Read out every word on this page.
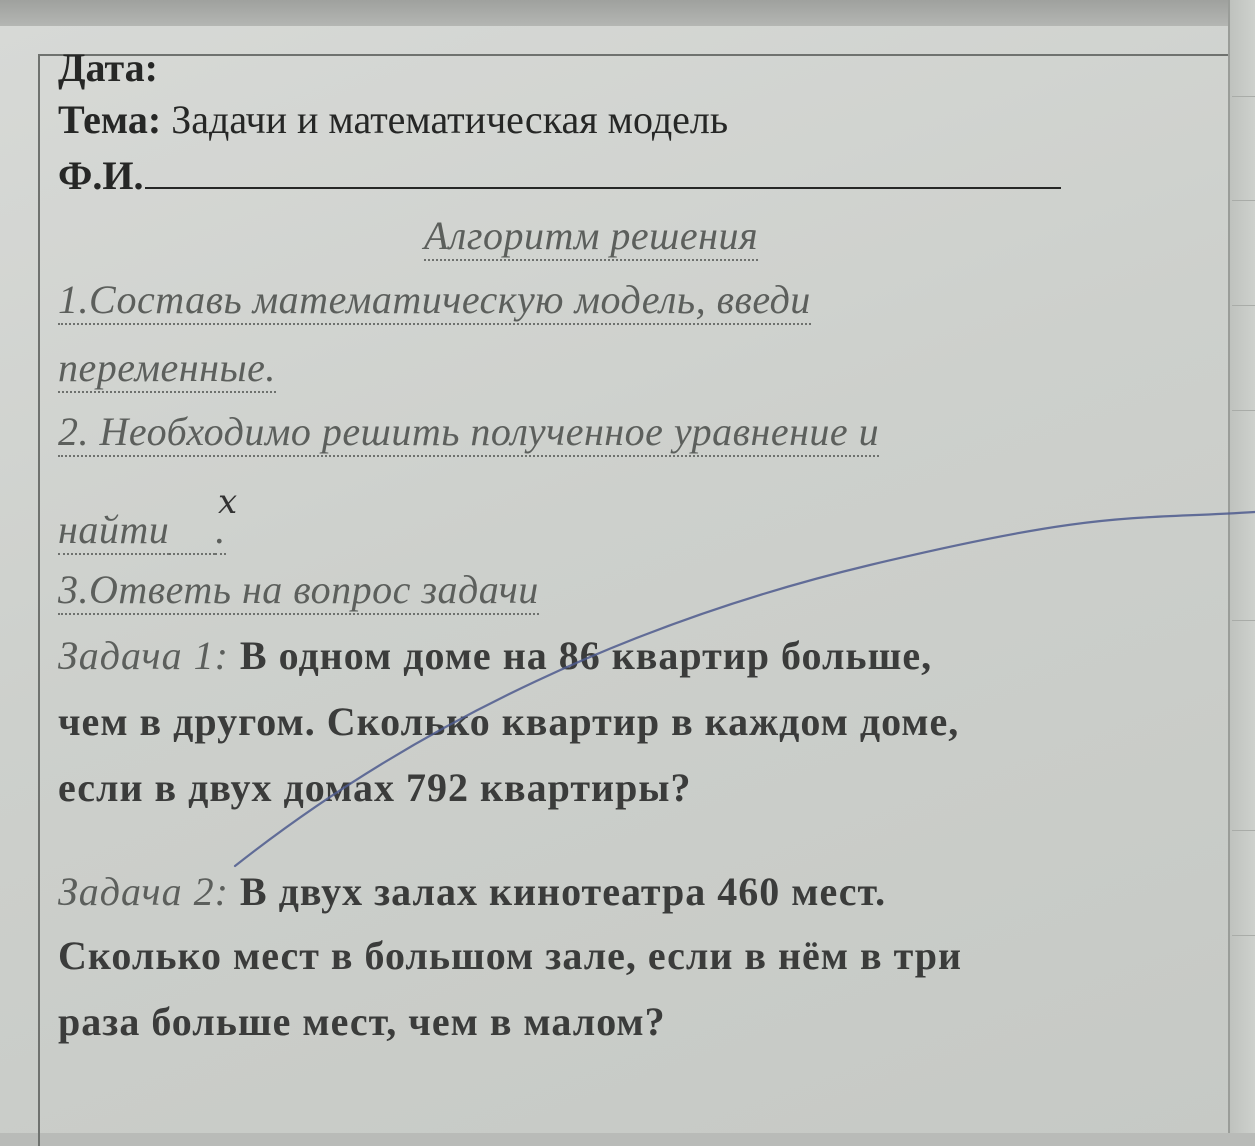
Дата:
Тема: Задачи и математическая модель
Ф.И.
Алгоритм решения
1.Составь математическую модель, введи
переменные.
2. Необходимо решить полученное уравнение и
найти .
x
3.Ответь на вопрос задачи
Задача 1: В одном доме на 86 квартир больше,
чем в другом. Сколько квартир в каждом доме,
если в двух домах 792 квартиры?
Задача 2: В двух залах кинотеатра 460 мест.
Сколько мест в большом зале, если в нём в три
раза больше мест, чем в малом?
